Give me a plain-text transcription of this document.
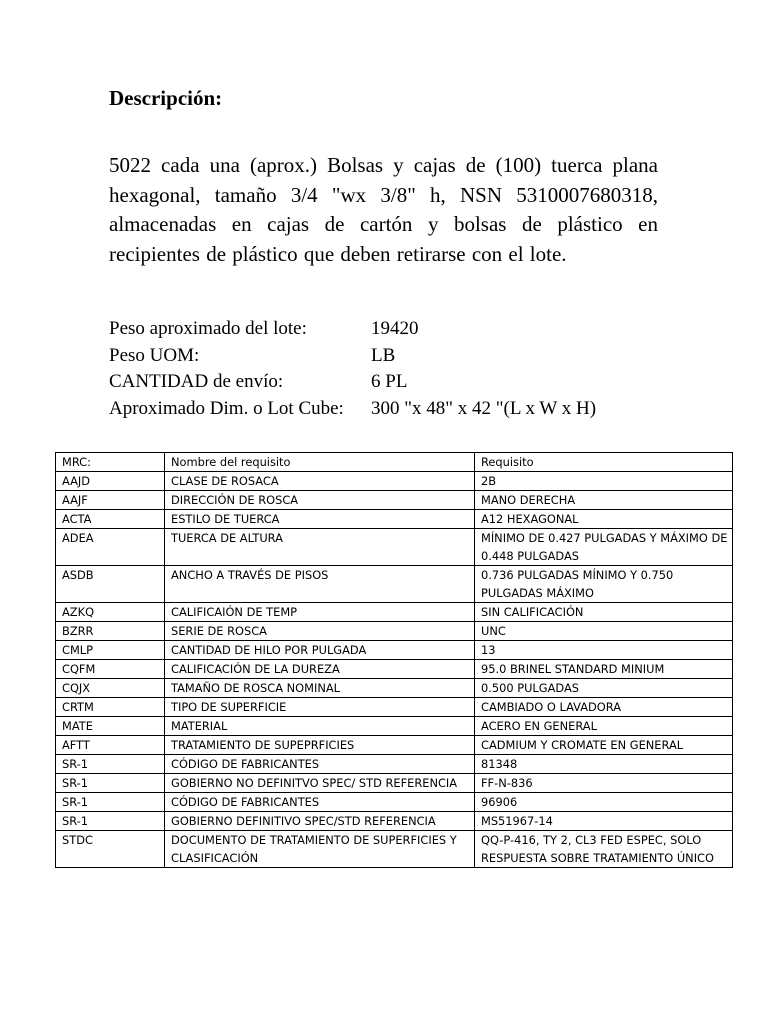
Descripción:

5022 cada una (aprox.) Bolsas y cajas de (100) tuerca plana hexagonal, tamaño 3/4 "wx 3/8" h, NSN 5310007680318, almacenadas en cajas de cartón y bolsas de plástico en recipientes de plástico que deben retirarse con el lote.

Peso aproximado del lote:	19420
Peso UOM:	LB
CANTIDAD de envío:	6 PL
Aproximado Dim. o Lot Cube: 300 "x 48" x 42 "(L x W x H)
MRC:	Nombre del requisito	Requisito
AAJD	CLASE DE ROSACA	2B
AAJF	DIRECCIÓN DE ROSCA	MANO DERECHA
ACTA	ESTILO DE TUERCA	A12 HEXAGONAL
ADEA	TUERCA DE ALTURA	MÍNIMO DE 0.427 PULGADAS Y MÁXIMO DE 0.448 PULGADAS
ASDB	ANCHO A TRAVÉS DE PISOS	0.736 PULGADAS MÍNIMO Y 0.750 PULGADAS MÁXIMO
AZKQ	CALIFICAIÓN DE TEMP	SIN CALIFICACIÓN
BZRR	SERIE DE ROSCA	UNC
CMLP	CANTIDAD DE HILO POR PULGADA	13
CQFM	CALIFICACIÓN DE LA DUREZA	95.0 BRINEL STANDARD MINIUM
CQJX	TAMAÑO DE ROSCA NOMINAL	0.500 PULGADAS
CRTM	TIPO DE SUPERFICIE	CAMBIADO O LAVADORA
MATE	MATERIAL	ACERO EN GENERAL
AFTT	TRATAMIENTO DE SUPEPRFICIES	CADMIUM Y CROMATE EN GENERAL
SR-1	CÓDIGO DE FABRICANTES	81348
SR-1	GOBIERNO NO DEFINITVO SPEC/ STD REFERENCIA	FF-N-836
SR-1	CÓDIGO DE FABRICANTES	96906
SR-1	GOBIERNO DEFINITIVO SPEC/STD REFERENCIA	MS51967-14
STDC	DOCUMENTO DE TRATAMIENTO DE SUPERFICIES Y CLASIFICACIÓN	QQ-P-416, TY 2, CL3 FED ESPEC, SOLO RESPUESTA SOBRE TRATAMIENTO ÚNICO
